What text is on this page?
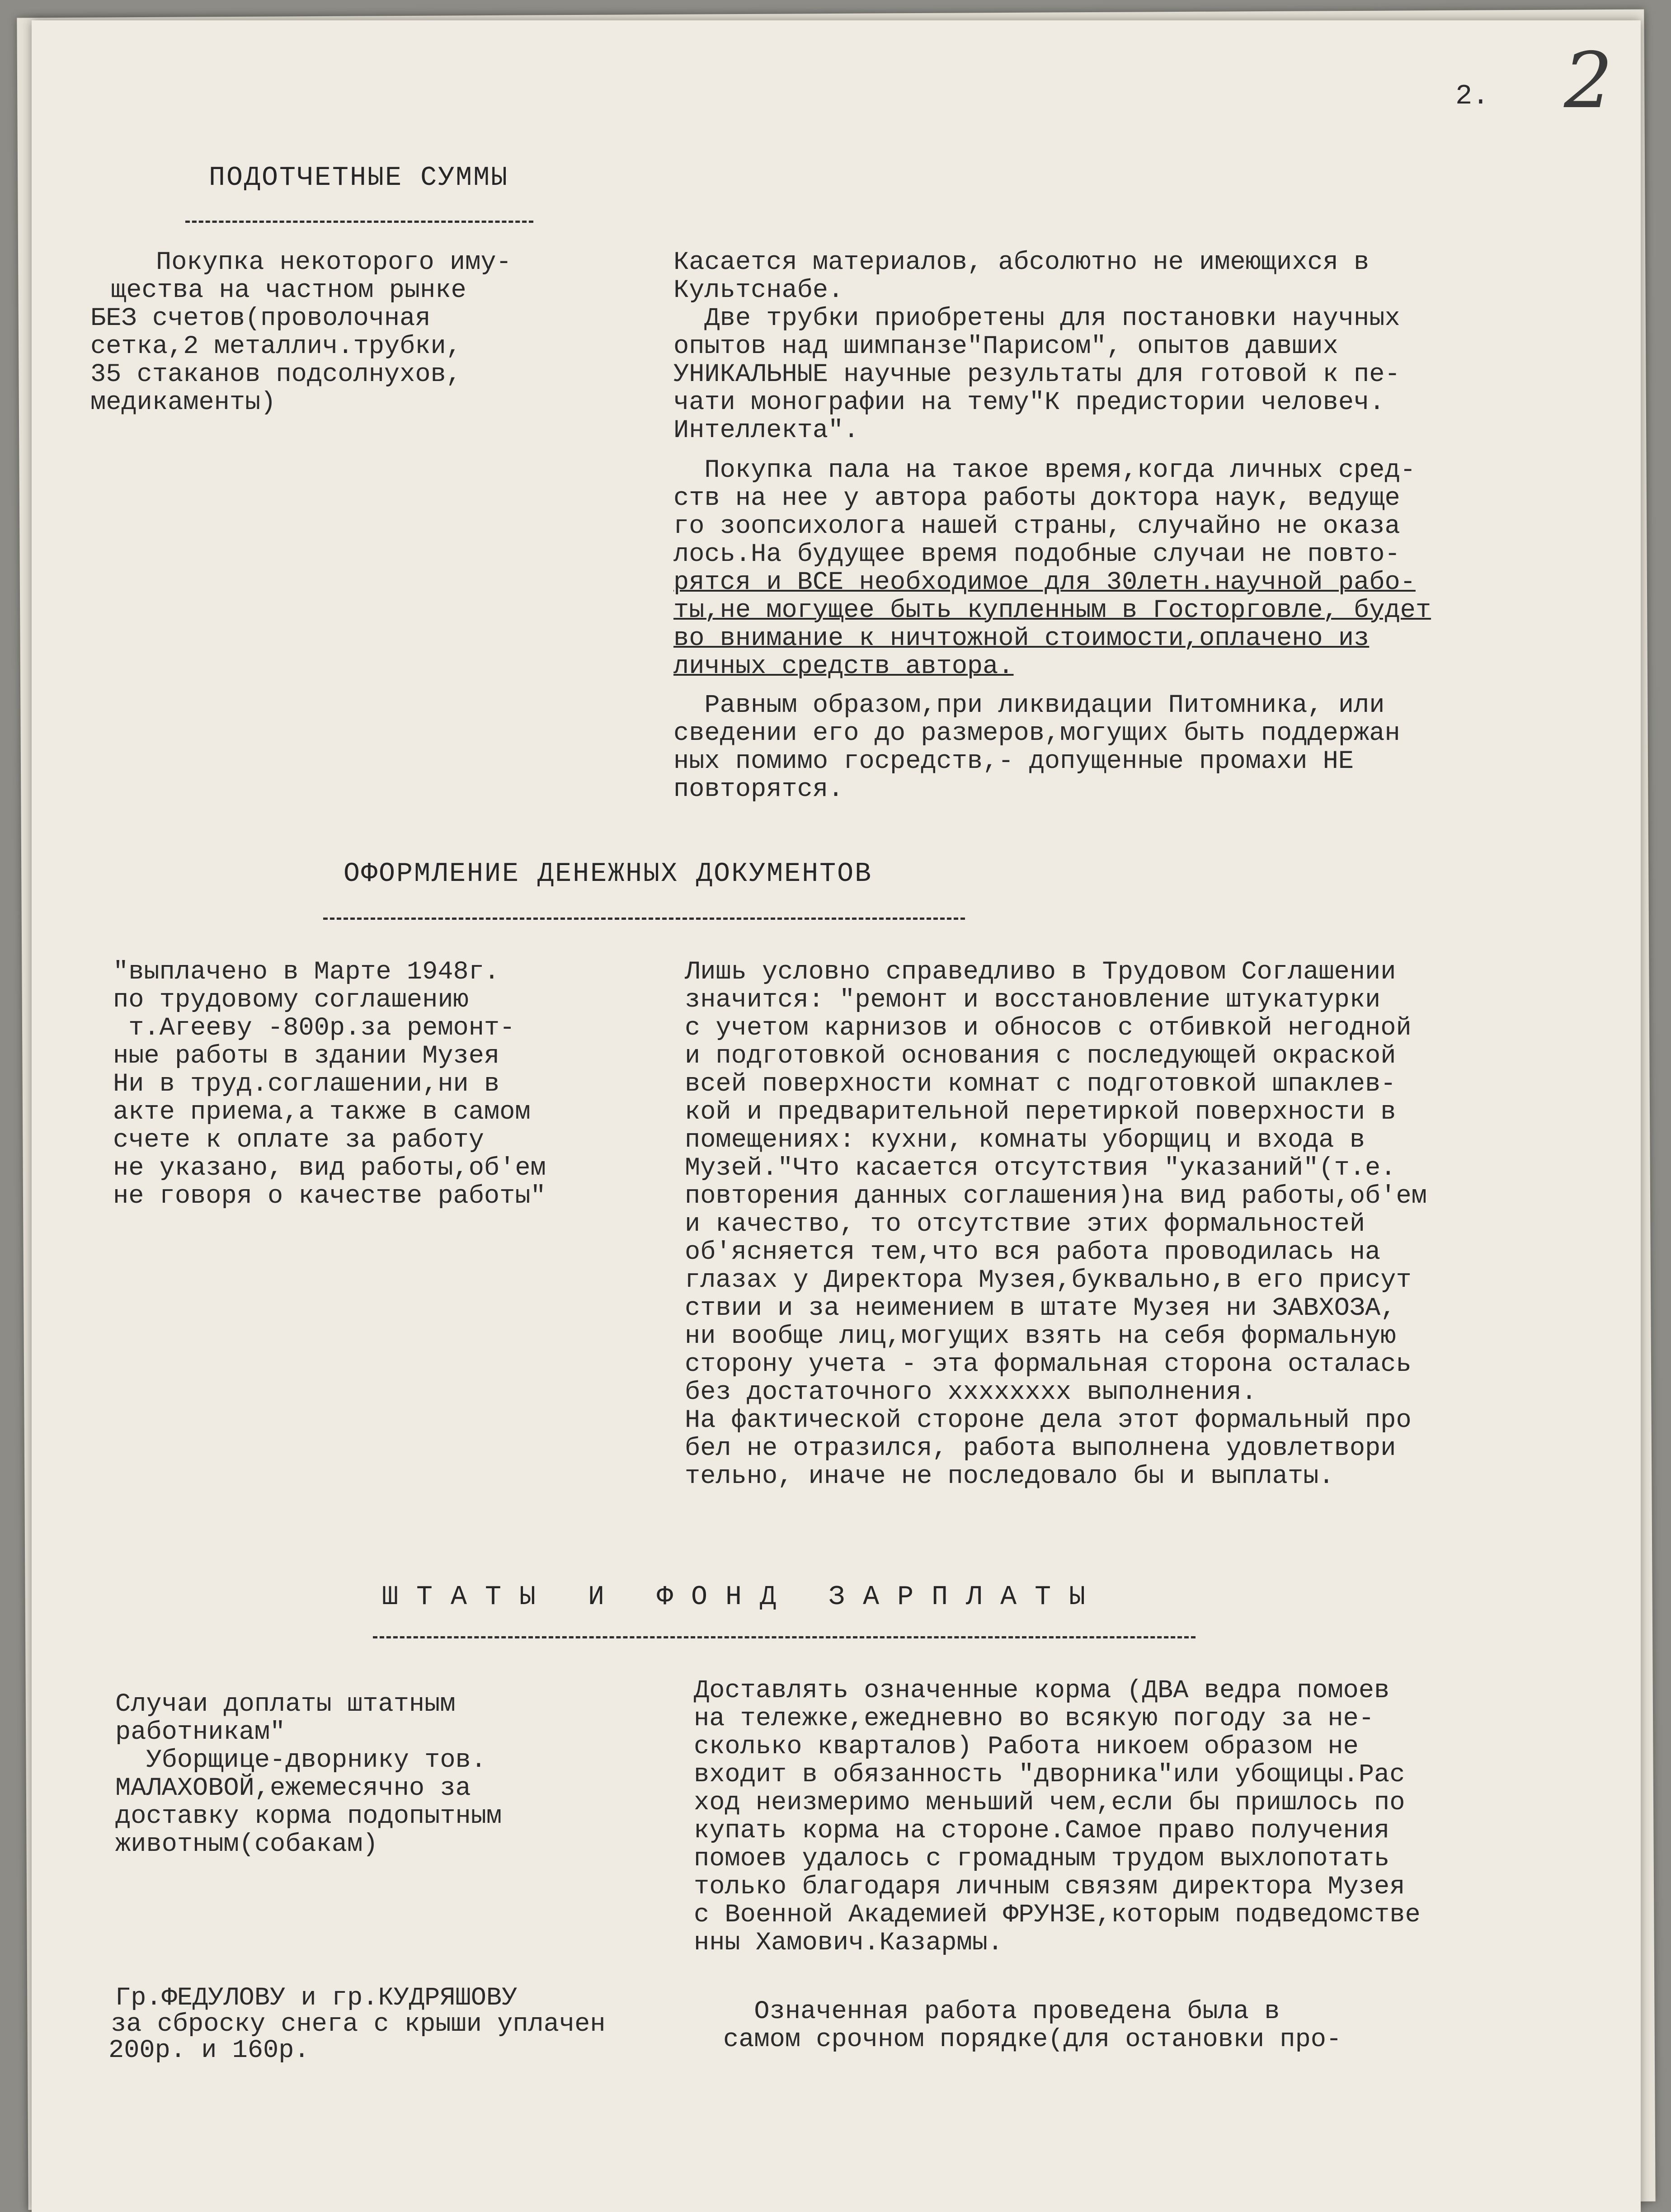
2. 2
ПОДОТЧЕТНЫЕ СУММЫ
Покупка некоторого иму-
щества на частном рынке
БЕЗ счетов(проволочная
сетка,2 металлич.трубки,
35 стаканов подсолнухов,
медикаменты)
Касается материалов, абсолютно не имеющихся в
Культснабе.
Две трубки приобретены для постановки научных
опытов над шимпанзе"Парисом", опытов давших
УНИКАЛЬНЫЕ научные результаты для готовой к пе-
чати монографии на тему"К предистории человеч.
Интеллекта".
Покупка пала на такое время,когда личных сред-
ств на нее у автора работы доктора наук, ведуще
го зоопсихолога нашей страны, случайно не оказа
лось.На будущее время подобные случаи не повто-
рятся и ВСЕ необходимое для 30летн.научной рабо-
ты,не могущее быть купленным в Госторговле, будет
во внимание к ничтожной стоимости,оплачено из
личных средств автора.
Равным образом,при ликвидации Питомника, или
сведении его до размеров,могущих быть поддержан
ных помимо госредств,- допущенные промахи НЕ
повторятся.
ОФОРМЛЕНИЕ ДЕНЕЖНЫХ ДОКУМЕНТОВ
"выплачено в Марте 1948г.
по трудовому соглашению
т.Агееву -800р.за ремонт-
ные работы в здании Музея
Ни в труд.соглашении,ни в
акте приема,а также в самом
счете к оплате за работу
не указано, вид работы,об'ем
не говоря о качестве работы"
Лишь условно справедливо в Трудовом Соглашении
значится: "ремонт и восстановление штукатурки
с учетом карнизов и обносов с отбивкой негодной
и подготовкой основания с последующей окраской
всей поверхности комнат с подготовкой шпаклев-
кой и предварительной перетиркой поверхности в
помещениях: кухни, комнаты уборщиц и входа в
Музей."Что касается отсутствия "указаний"(т.е.
повторения данных соглашения)на вид работы,об'ем
и качество, то отсутствие этих формальностей
об'ясняется тем,что вся работа проводилась на
глазах у Директора Музея,буквально,в его присут
ствии и за неимением в штате Музея ни ЗАВХОЗА,
ни вообще лиц,могущих взять на себя формальную
сторону учета - эта формальная сторона осталась
без достаточного хххххххх выполнения.
На фактической стороне дела этот формальный про
бел не отразился, работа выполнена удовлетвори
тельно, иначе не последовало бы и выплаты.
ШТАТЫ И ФОНД ЗАРПЛАТЫ
Случаи доплаты штатным
работникам"
Уборщице-дворнику тов.
МАЛАХОВОЙ,ежемесячно за
доставку корма подопытным
животным(собакам)
Доставлять означенные корма (ДВА ведра помоев
на тележке,ежедневно во всякую погоду за не-
сколько кварталов) Работа никоем образом не
входит в обязанность "дворника"или убощицы.Рас
ход неизмеримо меньший чем,если бы пришлось по
купать корма на стороне.Самое право получения
помоев удалось с громадным трудом выхлопотать
только благодаря личным связям директора Музея
с Военной Академией ФРУНЗЕ,которым подведомстве
нны Хамович.Казармы.
Гр.ФЕДУЛОВУ и гр.КУДРЯШОВУ
за сброску снега с крыши уплачен
200р. и 160р.
Означенная работа проведена была в
самом срочном порядке(для остановки про-
